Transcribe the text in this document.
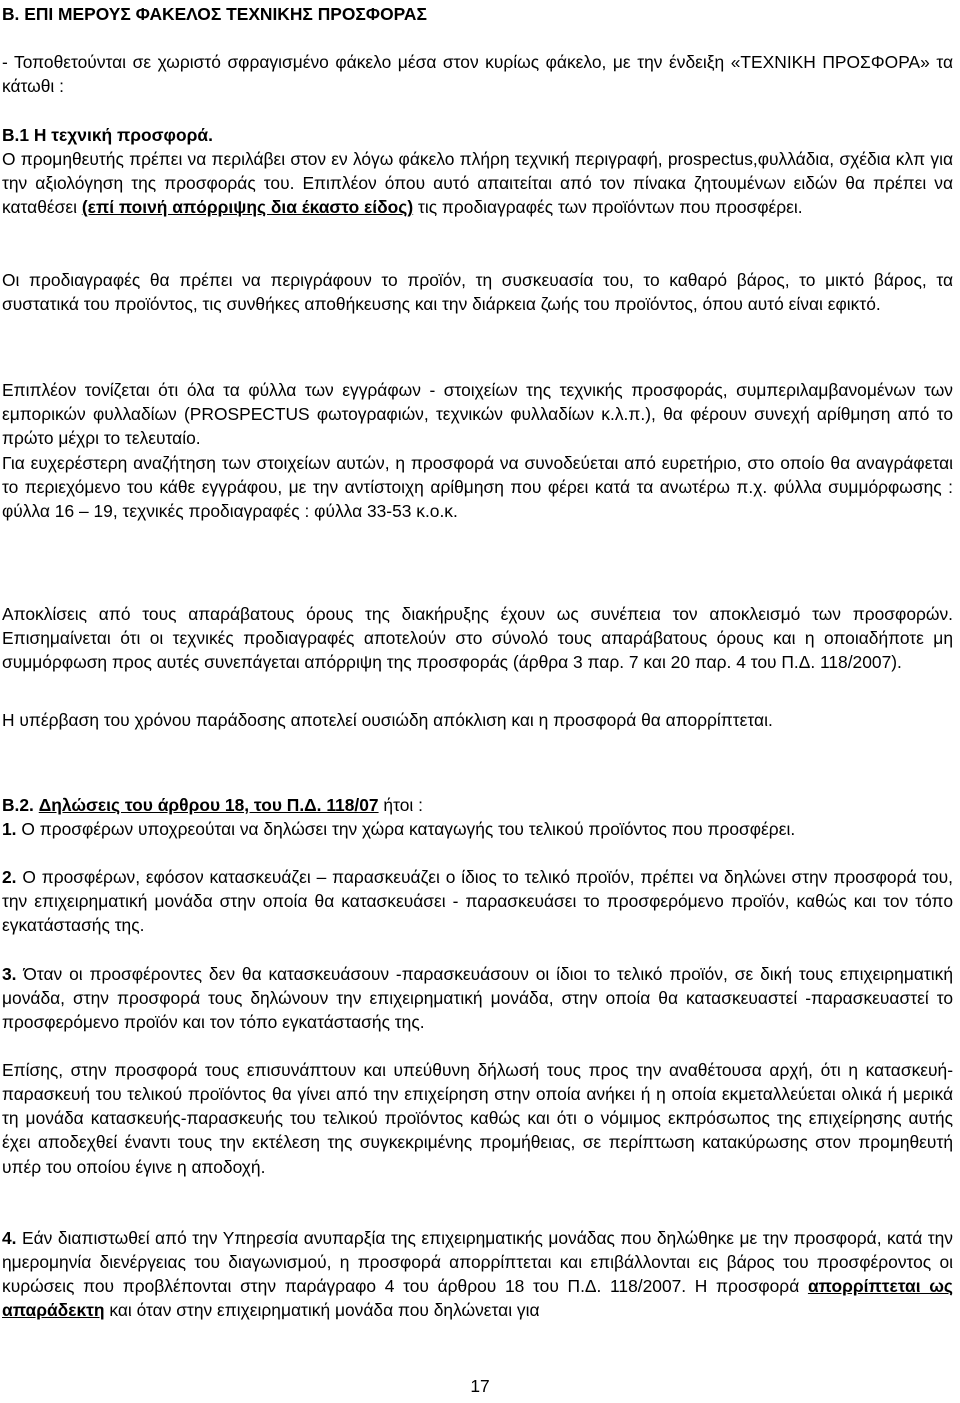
Β. ΕΠΙ ΜΕΡΟΥΣ ΦΑΚΕΛΟΣ ΤΕΧΝΙΚΗΣ ΠΡΟΣΦΟΡΑΣ
- Τοποθετούνται σε χωριστό σφραγισμένο φάκελο μέσα στον κυρίως φάκελο, με την ένδειξη «ΤΕΧΝΙΚΗ ΠΡΟΣΦΟΡΑ» τα κάτωθι :
Β.1 Η τεχνική προσφορά.
Ο προμηθευτής πρέπει να περιλάβει στον εν λόγω φάκελο πλήρη τεχνική περιγραφή, prospectus,φυλλάδια, σχέδια κλπ για την αξιολόγηση της προσφοράς του. Επιπλέον όπου αυτό απαιτείται από τον πίνακα ζητουμένων ειδών θα πρέπει να καταθέσει (επί ποινή απόρριψης δια έκαστο είδος) τις προδιαγραφές των προϊόντων που προσφέρει.
Οι προδιαγραφές θα πρέπει να περιγράφουν το προϊόν, τη συσκευασία του, το καθαρό βάρος, το μικτό βάρος, τα συστατικά του προϊόντος, τις συνθήκες αποθήκευσης και την διάρκεια ζωής του προϊόντος, όπου αυτό είναι εφικτό.
Επιπλέον τονίζεται ότι όλα τα φύλλα των εγγράφων - στοιχείων της τεχνικής προσφοράς, συμπεριλαμβανομένων των εμπορικών φυλλαδίων (PROSPECTUS φωτογραφιών, τεχνικών φυλλαδίων κ.λ.π.), θα φέρουν συνεχή αρίθμηση από το πρώτο μέχρι το τελευταίο.
Για ευχερέστερη αναζήτηση των στοιχείων αυτών, η προσφορά να συνοδεύεται από ευρετήριο, στο οποίο θα αναγράφεται το περιεχόμενο του κάθε εγγράφου, με την αντίστοιχη αρίθμηση που φέρει κατά τα ανωτέρω π.χ. φύλλα συμμόρφωσης : φύλλα 16 – 19, τεχνικές προδιαγραφές : φύλλα 33-53 κ.ο.κ.
Αποκλίσεις από τους απαράβατους όρους της διακήρυξης έχουν ως συνέπεια τον αποκλεισμό των προσφορών. Επισημαίνεται ότι οι τεχνικές προδιαγραφές αποτελούν στο σύνολό τους απαράβατους όρους και η οποιαδήποτε μη συμμόρφωση προς αυτές συνεπάγεται απόρριψη της προσφοράς (άρθρα 3 παρ. 7 και 20 παρ. 4 του Π.Δ. 118/2007).
Η υπέρβαση του χρόνου παράδοσης αποτελεί ουσιώδη απόκλιση και η προσφορά θα απορρίπτεται.
Β.2. Δηλώσεις του άρθρου 18, του Π.Δ. 118/07 ήτοι :
1. Ο προσφέρων υποχρεούται να δηλώσει την χώρα καταγωγής του τελικού προϊόντος που προσφέρει.
2. Ο προσφέρων, εφόσον κατασκευάζει – παρασκευάζει ο ίδιος το τελικό προϊόν, πρέπει να δηλώνει στην προσφορά του, την επιχειρηματική μονάδα στην οποία θα κατασκευάσει - παρασκευάσει το προσφερόμενο προϊόν, καθώς και τον τόπο εγκατάστασής της.
3. Όταν οι προσφέροντες δεν θα κατασκευάσουν -παρασκευάσουν οι ίδιοι το τελικό προϊόν, σε δική τους επιχειρηματική μονάδα, στην προσφορά τους δηλώνουν την επιχειρηματική μονάδα, στην οποία θα κατασκευαστεί -παρασκευαστεί το προσφερόμενο προϊόν και τον τόπο εγκατάστασής της.
Επίσης, στην προσφορά τους επισυνάπτουν και υπεύθυνη δήλωσή τους προς την αναθέτουσα αρχή, ότι η κατασκευή-παρασκευή του τελικού προϊόντος θα γίνει από την επιχείρηση στην οποία ανήκει ή η οποία εκμεταλλεύεται ολικά ή μερικά τη μονάδα κατασκευής-παρασκευής του τελικού προϊόντος καθώς και ότι ο νόμιμος εκπρόσωπος της επιχείρησης αυτής έχει αποδεχθεί έναντι τους την εκτέλεση της συγκεκριμένης προμήθειας, σε περίπτωση κατακύρωσης στον προμηθευτή υπέρ του οποίου έγινε η αποδοχή.
4. Εάν διαπιστωθεί από την Υπηρεσία ανυπαρξία της επιχειρηματικής μονάδας που δηλώθηκε με την προσφορά, κατά την ημερομηνία διενέργειας του διαγωνισμού, η προσφορά απορρίπτεται και επιβάλλονται εις βάρος του προσφέροντος οι κυρώσεις που προβλέπονται στην παράγραφο 4 του άρθρου 18 του Π.Δ. 118/2007. Η προσφορά απορρίπτεται ως απαράδεκτη και όταν στην επιχειρηματική μονάδα που δηλώνεται για
17
